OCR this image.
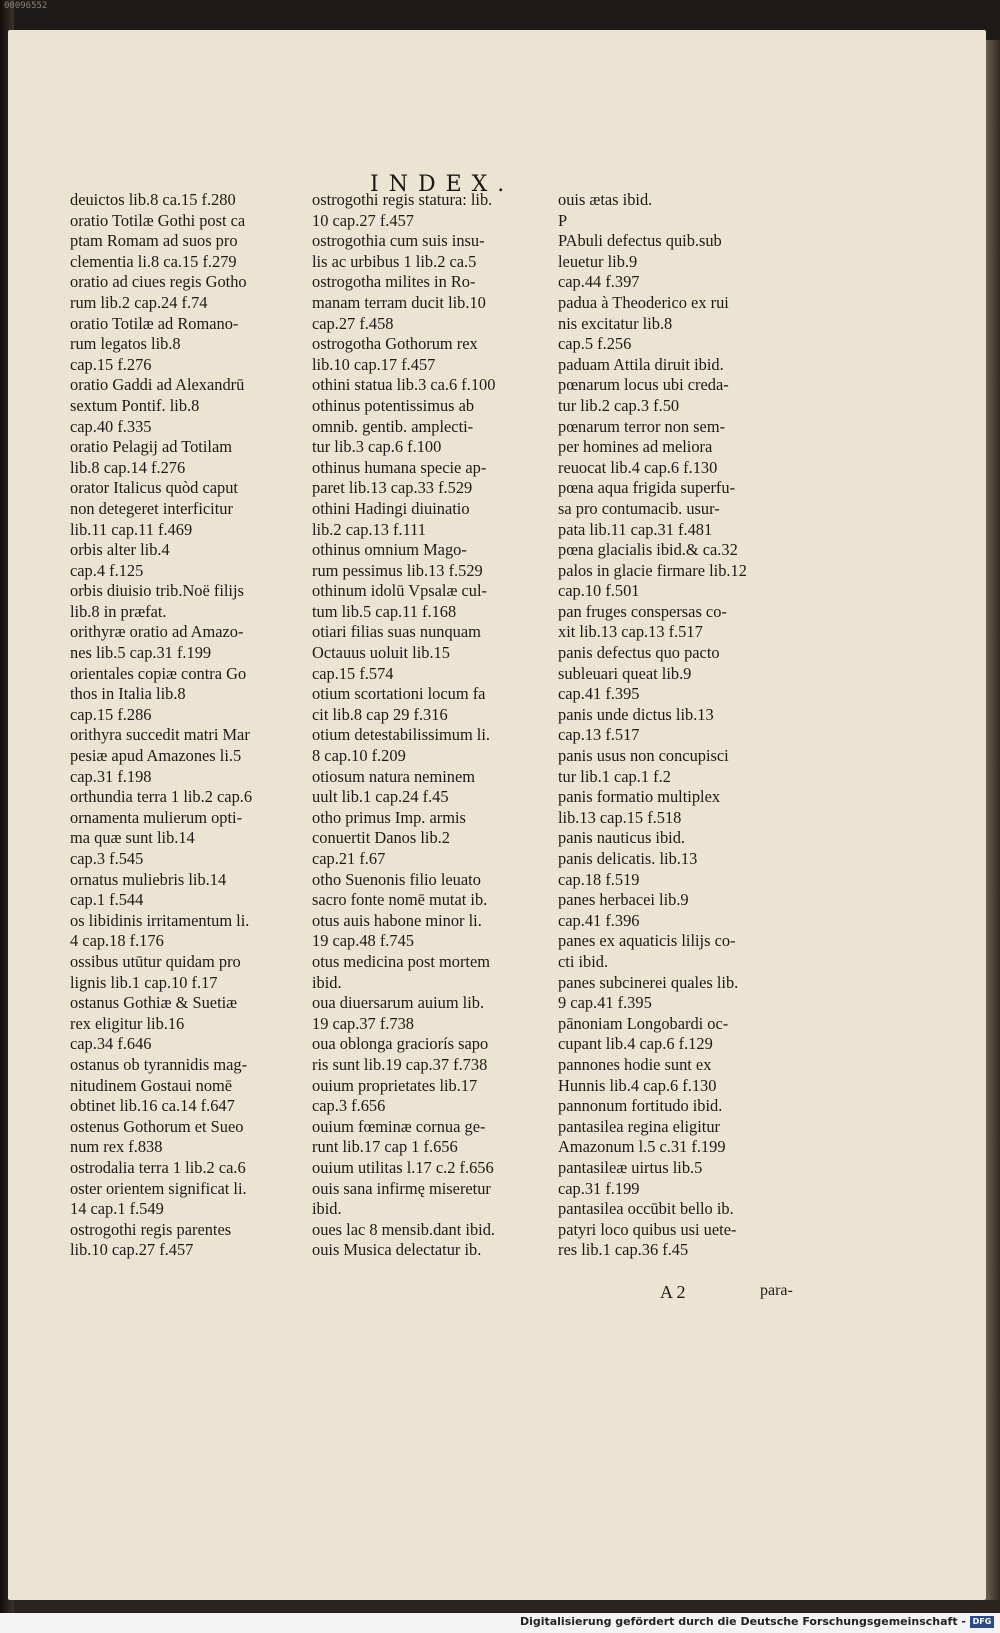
00096552
INDEX.
deuictos lib.8 ca.15 f.280
oratio Totilæ Gothi post ca
ptam Romam ad suos pro
clementia li.8 ca.15 f.279
oratio ad ciues regis Gotho
rum lib.2 cap.24 f.74
oratio Totilæ ad Romano-
rum legatos lib.8
cap.15 f.276
oratio Gaddi ad Alexandrū
sextum Pontif. lib.8
cap.40 f.335
oratio Pelagij ad Totilam
lib.8 cap.14 f.276
orator Italicus quòd caput
non detegeret interficitur
lib.11 cap.11 f.469
orbis alter lib.4
cap.4 f.125
orbis diuisio trib.Noë filijs
lib.8 in præfat.
orithyræ oratio ad Amazo-
nes lib.5 cap.31 f.199
orientales copiæ contra Go
thos in Italia lib.8
cap.15 f.286
orithyra succedit matri Mar
pesiæ apud Amazones li.5
cap.31 f.198
orthundia terra 1 lib.2 cap.6
ornamenta mulierum opti-
ma quæ sunt lib.14
cap.3 f.545
ornatus muliebris lib.14
cap.1 f.544
os libidinis irritamentum li.
4 cap.18 f.176
ossibus utūtur quidam pro
lignis lib.1 cap.10 f.17
ostanus Gothiæ & Suetiæ
rex eligitur lib.16
cap.34 f.646
ostanus ob tyrannidis mag-
nitudinem Gostaui nomē
obtinet lib.16 ca.14 f.647
ostenus Gothorum et Sueo
num rex f.838
ostrodalia terra 1 lib.2 ca.6
oster orientem significat li.
14 cap.1 f.549
ostrogothi regis parentes
lib.10 cap.27 f.457
ostrogothi regis statura: lib.
10 cap.27 f.457
ostrogothia cum suis insu-
lis ac urbibus 1 lib.2 ca.5
ostrogotha milites in Ro-
manam terram ducit lib.10
cap.27 f.458
ostrogotha Gothorum rex
lib.10 cap.17 f.457
othini statua lib.3 ca.6 f.100
othinus potentissimus ab
omnib. gentib. amplecti-
tur lib.3 cap.6 f.100
othinus humana specie ap-
paret lib.13 cap.33 f.529
othini Hadingi diuinatio
lib.2 cap.13 f.111
othinus omnium Mago-
rum pessimus lib.13 f.529
othinum idolū Vpsalæ cul-
tum lib.5 cap.11 f.168
otiari filias suas nunquam
Octauus uoluit lib.15
cap.15 f.574
otium scortationi locum fa
cit lib.8 cap 29 f.316
otium detestabilissimum li.
8 cap.10 f.209
otiosum natura neminem
uult lib.1 cap.24 f.45
otho primus Imp. armis
conuertit Danos lib.2
cap.21 f.67
otho Suenonis filio leuato
sacro fonte nomē mutat ib.
otus auis habone minor li.
19 cap.48 f.745
otus medicina post mortem
ibid.
oua diuersarum auium lib.
19 cap.37 f.738
oua oblonga graciorís sapo
ris sunt lib.19 cap.37 f.738
ouium proprietates lib.17
cap.3 f.656
ouium fœminæ cornua ge-
runt lib.17 cap 1 f.656
ouium utilitas l.17 c.2 f.656
ouis sana infirmę miseretur
ibid.
oues lac 8 mensib.dant ibid.
ouis Musica delectatur ib.
ouis ætas ibid.
P
PAbuli defectus quib.sub
leuetur lib.9
cap.44 f.397
padua à Theoderico ex rui
nis excitatur lib.8
cap.5 f.256
paduam Attila diruit ibid.
pœnarum locus ubi creda-
tur lib.2 cap.3 f.50
pœnarum terror non sem-
per homines ad meliora
reuocat lib.4 cap.6 f.130
pœna aqua frigida superfu-
sa pro contumacib. usur-
pata lib.11 cap.31 f.481
pœna glacialis ibid.& ca.32
palos in glacie firmare lib.12
cap.10 f.501
pan fruges conspersas co-
xit lib.13 cap.13 f.517
panis defectus quo pacto
subleuari queat lib.9
cap.41 f.395
panis unde dictus lib.13
cap.13 f.517
panis usus non concupisci
tur lib.1 cap.1 f.2
panis formatio multiplex
lib.13 cap.15 f.518
panis nauticus ibid.
panis delicatis. lib.13
cap.18 f.519
panes herbacei lib.9
cap.41 f.396
panes ex aquaticis lilijs co-
cti ibid.
panes subcinerei quales lib.
9 cap.41 f.395
pānoniam Longobardi oc-
cupant lib.4 cap.6 f.129
pannones hodie sunt ex
Hunnis lib.4 cap.6 f.130
pannonum fortitudo ibid.
pantasilea regina eligitur
Amazonum l.5 c.31 f.199
pantasileæ uirtus lib.5
cap.31 f.199
pantasilea occūbit bello ib.
patyri loco quibus usi uete-
res lib.1 cap.36 f.45
A 2	para-
Digitalisierung gefördert durch die Deutsche Forschungsgemeinschaft - DFG
